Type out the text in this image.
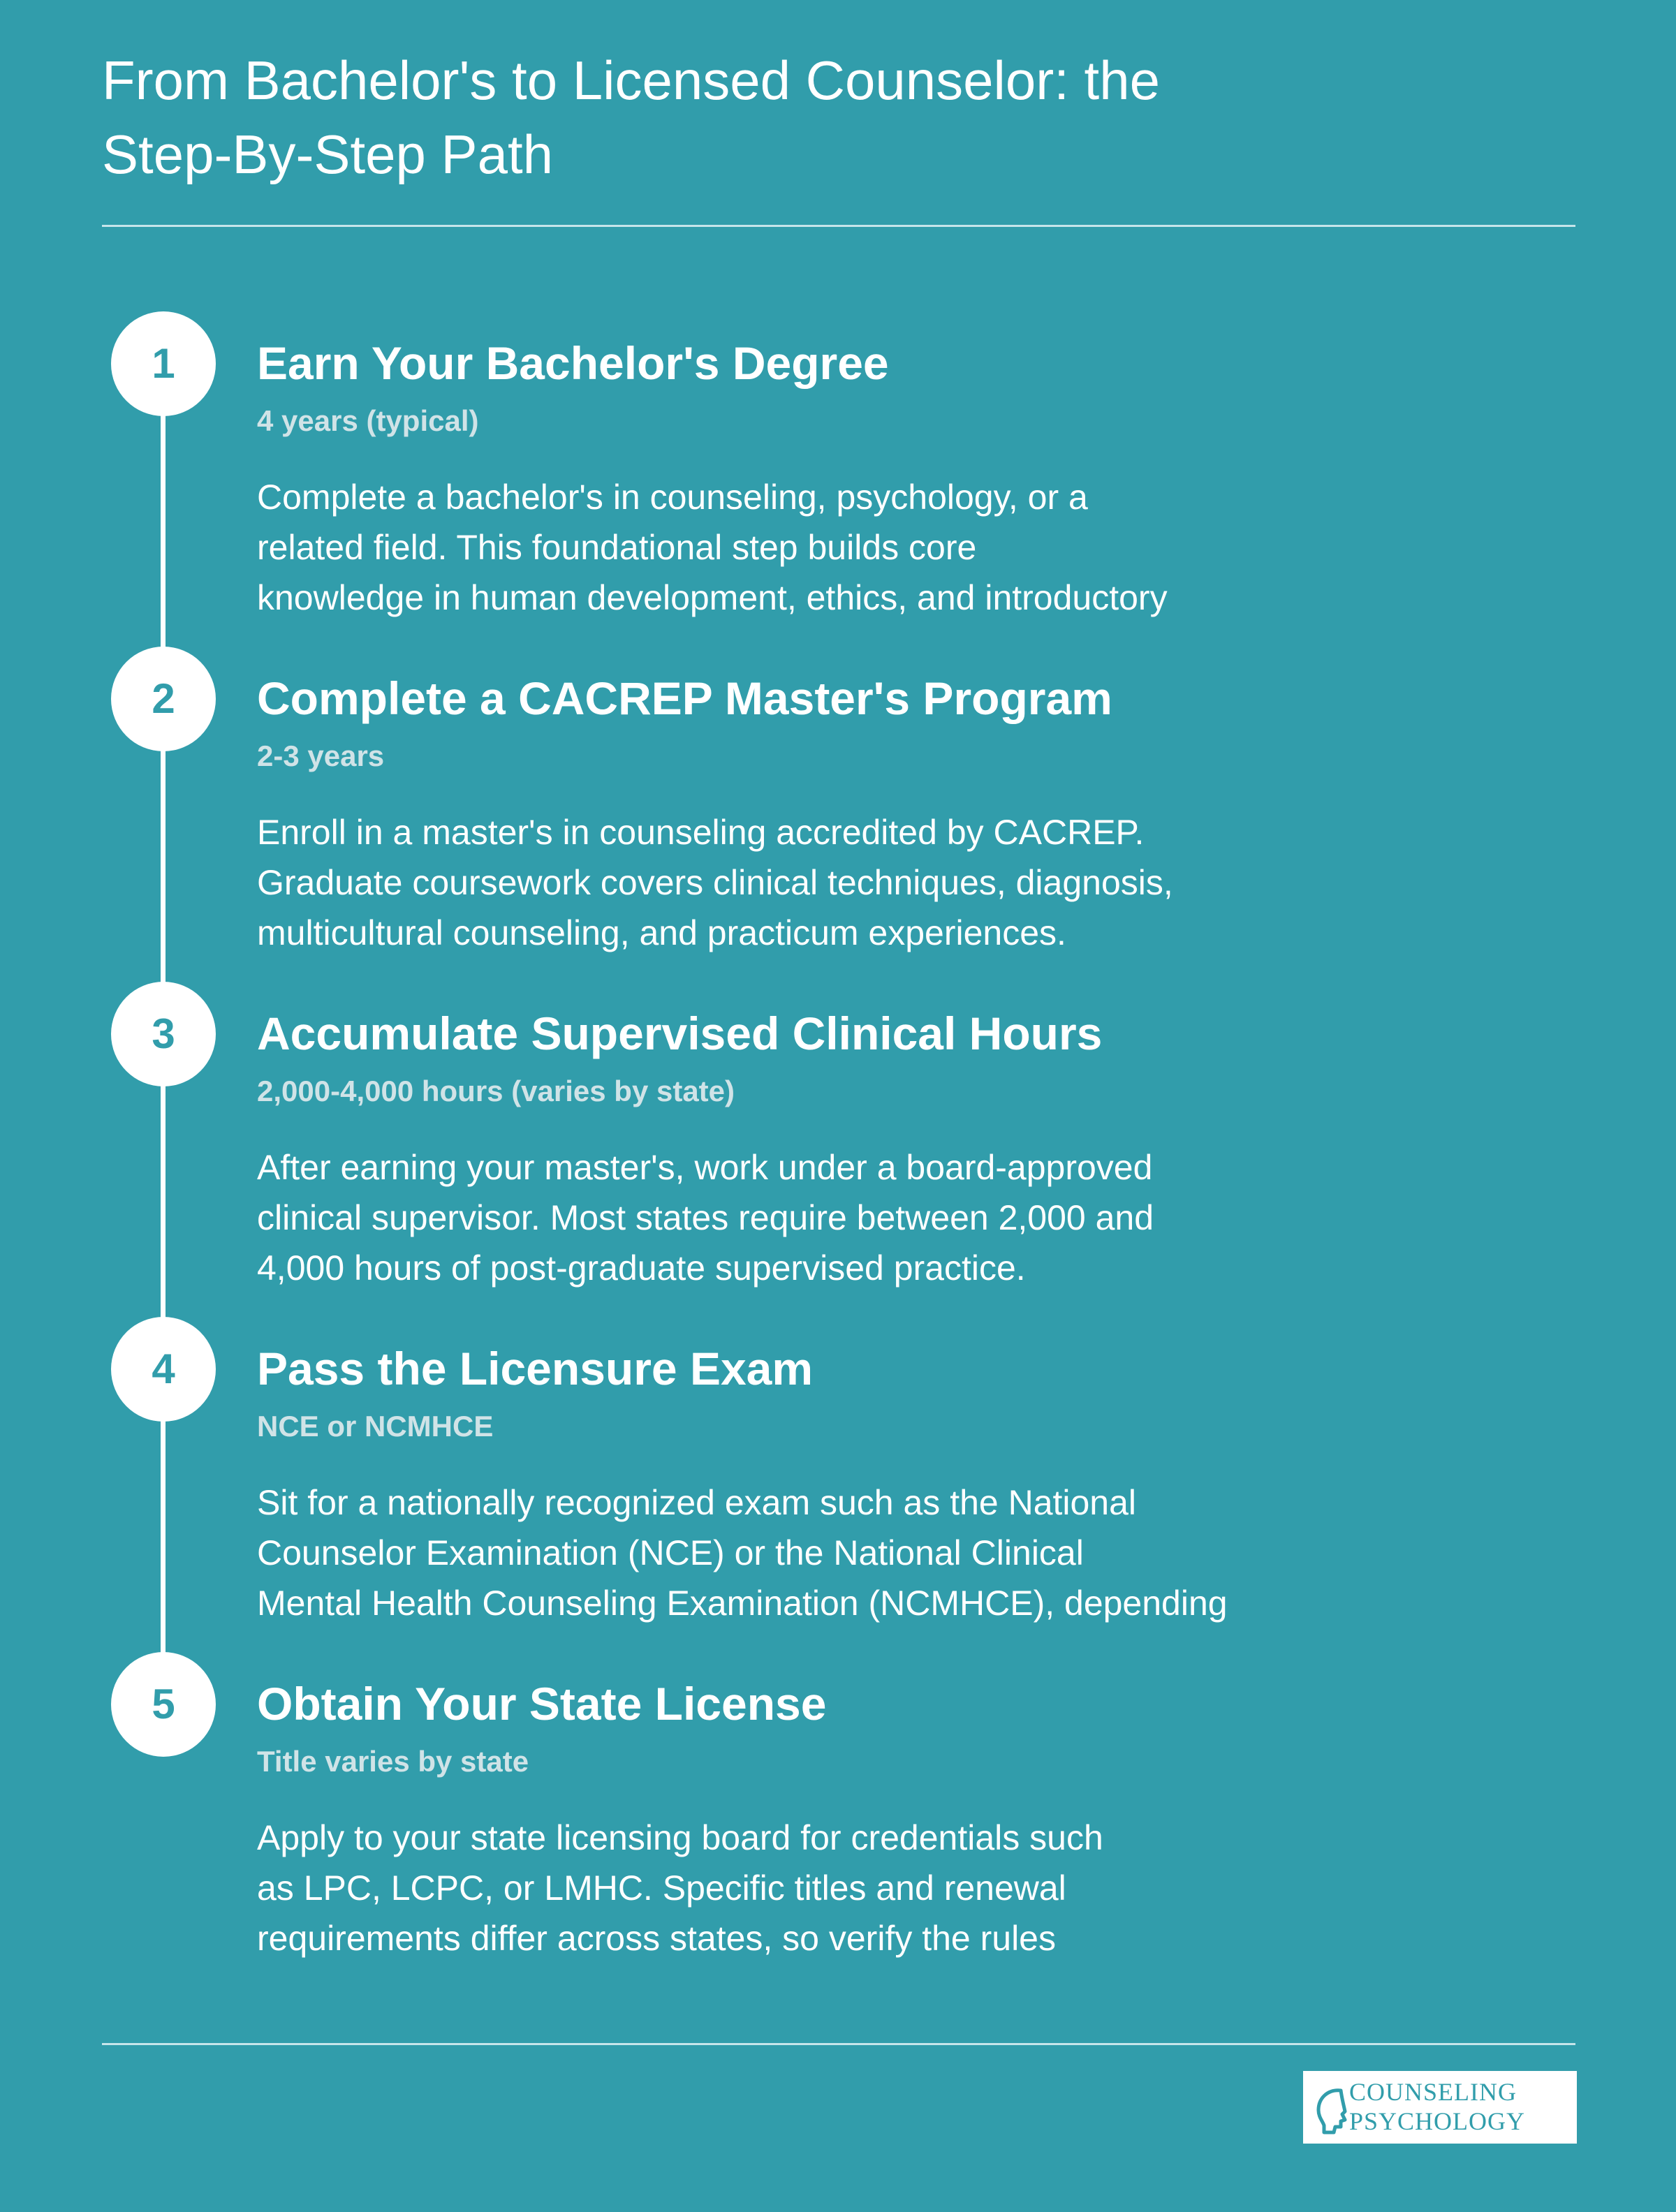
From Bachelor's to Licensed Counselor: the
Step-By-Step Path
1	Earn Your Bachelor's Degree
4 years (typical)
Complete a bachelor's in counseling, psychology, or a
related field. This foundational step builds core
knowledge in human development, ethics, and introductory
2	Complete a CACREP Master's Program
2-3 years
Enroll in a master's in counseling accredited by CACREP.
Graduate coursework covers clinical techniques, diagnosis,
multicultural counseling, and practicum experiences.
3	Accumulate Supervised Clinical Hours
2,000-4,000 hours (varies by state)
After earning your master's, work under a board-approved
clinical supervisor. Most states require between 2,000 and
4,000 hours of post-graduate supervised practice.
4	Pass the Licensure Exam
NCE or NCMHCE
Sit for a nationally recognized exam such as the National
Counselor Examination (NCE) or the National Clinical
Mental Health Counseling Examination (NCMHCE), depending
5	Obtain Your State License
Title varies by state
Apply to your state licensing board for credentials such
as LPC, LCPC, or LMHC. Specific titles and renewal
requirements differ across states, so verify the rules
COUNSELING
PSYCHOLOGY
